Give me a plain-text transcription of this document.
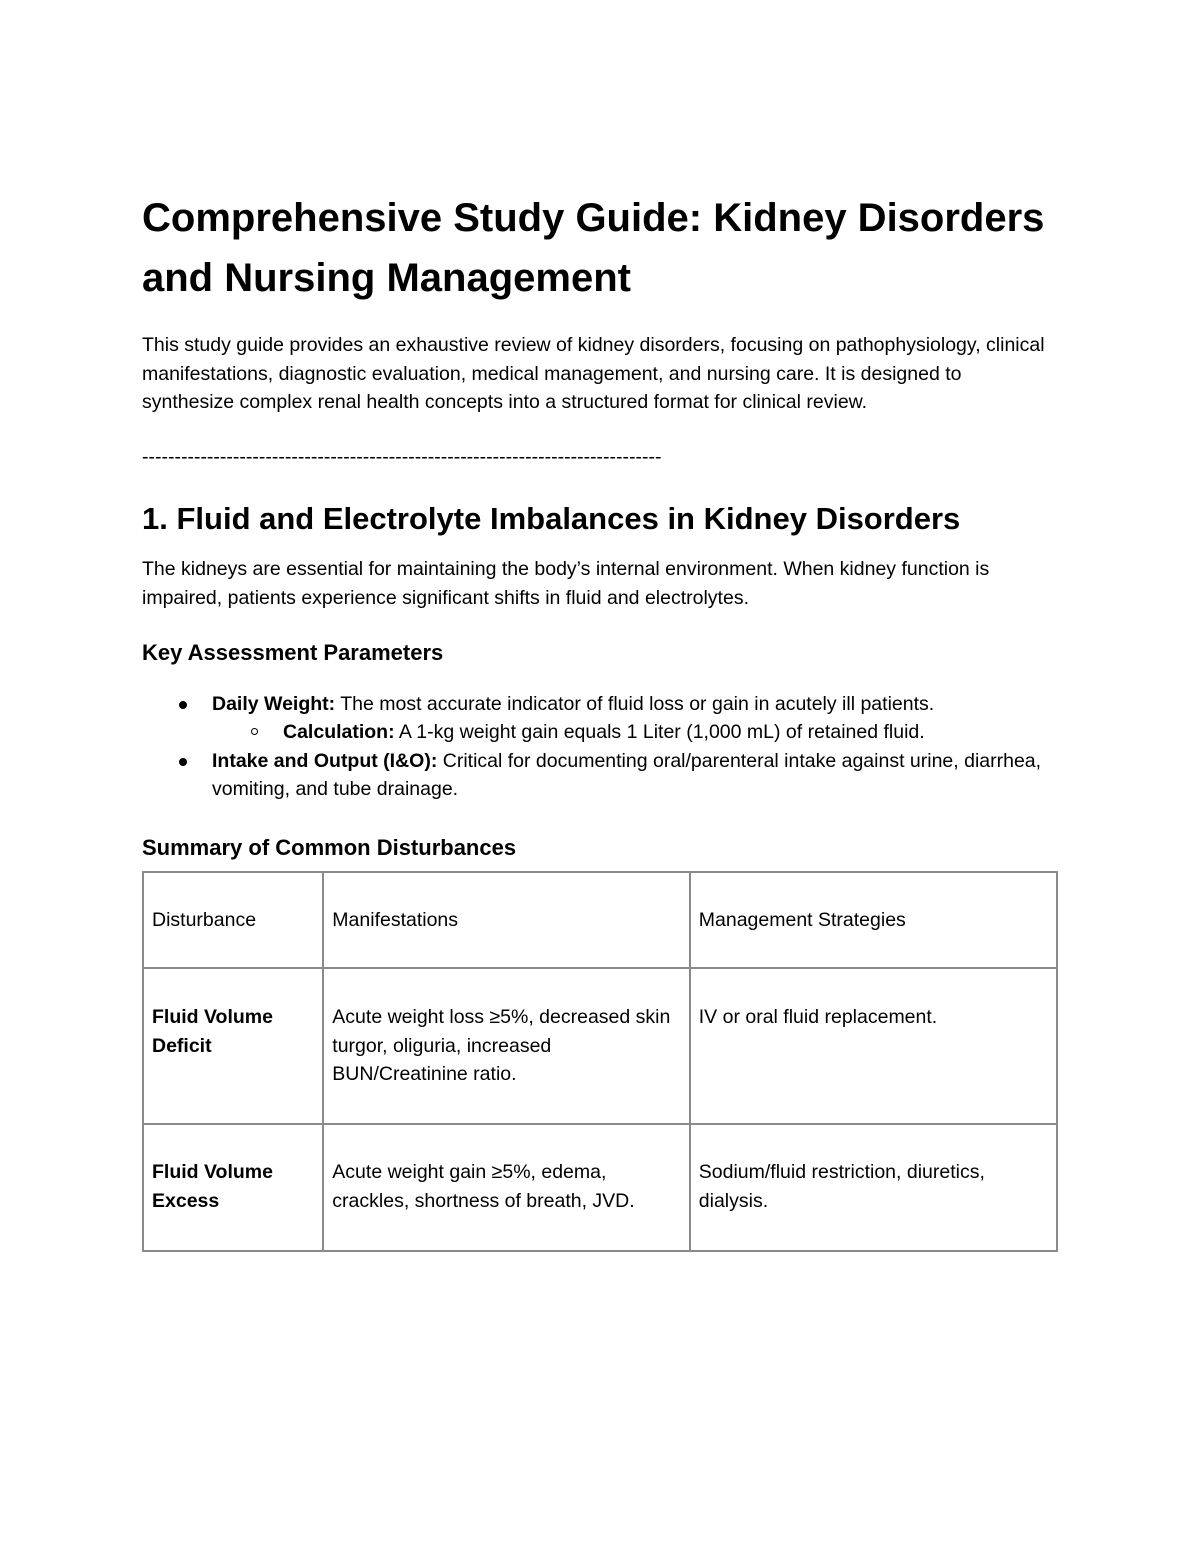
Comprehensive Study Guide: Kidney Disorders and Nursing Management

This study guide provides an exhaustive review of kidney disorders, focusing on pathophysiology, clinical manifestations, diagnostic evaluation, medical management, and nursing care. It is designed to synthesize complex renal health concepts into a structured format for clinical review.

--------------------------------------------------------------------------------
1. Fluid and Electrolyte Imbalances in Kidney Disorders

The kidneys are essential for maintaining the body’s internal environment. When kidney function is impaired, patients experience significant shifts in fluid and electrolytes.

Key Assessment Parameters
Daily Weight: The most accurate indicator of fluid loss or gain in acutely ill patients.
Calculation: A 1-kg weight gain equals 1 Liter (1,000 mL) of retained fluid.
Intake and Output (I&O): Critical for documenting oral/parenteral intake against urine, diarrhea, vomiting, and tube drainage.
Summary of Common Disturbances
Disturbance	Manifestations	Management Strategies
Fluid Volume Deficit	Acute weight loss ≥5%, decreased skin turgor, oliguria, increased BUN/Creatinine ratio.	IV or oral fluid replacement.
Fluid Volume Excess	Acute weight gain ≥5%, edema, crackles, shortness of breath, JVD.	Sodium/fluid restriction, diuretics, dialysis.
